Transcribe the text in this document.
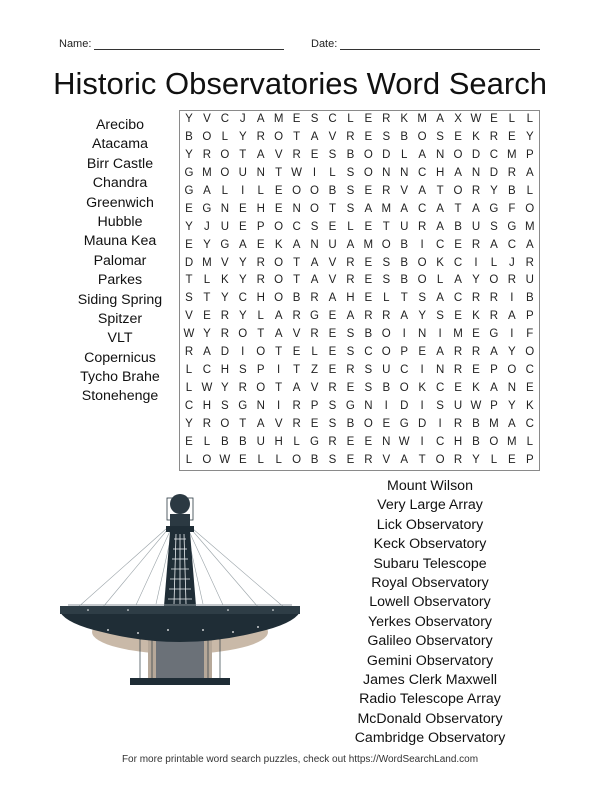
Name:	Date:
Historic Observatories Word Search
Arecibo
Atacama
Birr Castle
Chandra
Greenwich
Hubble
Mauna Kea
Palomar
Parkes
Siding Spring
Spitzer
VLT
Copernicus
Tycho Brahe
Stonehenge
Y V C J A M E S C L E R K M A X W E L	L
B O L Y R O T A V R E S B O S E K R E Y
Y R O T A V R E S B O D L A N O D C M P
G M O U N T W I	L S O N N C H A N D R A
G A L	I	L E O O B S E R V A T O R Y B L
E G N E H E N O T S A M A C A T A G F O
Y J U E P O C S E L E T U R A B U S G M
E Y G A E K A N U A M O B	I	C E R A C A
D M V Y R O T A V R E S B O K C	I	L	J R
T L K Y R O T A V R E S B O L A Y O R U
S T Y C H O B R A H E L T S A C R R	I	B
V E R Y L A R G E A R R A Y S E K R A P
W Y R O T A V R E S B O	I	N	I	M E G	I	F
R A D	I	O T E L E S C O P E A R R A Y O
L C H S P	I	T Z E R S U C	I	N R E P O C
L W Y R O T A V R E S B O K C E K A N E
C H S G N	I	R P S G N	I	D	I	S U W P Y K
Y R O T A V R E S B O E G D	I	R B M A C
E L B B U H L G R E E N W I	C H B O M L
L O W E L	L O B S E R V A T O R Y L E P
Mount Wilson
Very Large Array
Lick Observatory
Keck Observatory
Subaru Telescope
Royal Observatory
Lowell Observatory
Yerkes Observatory
Galileo Observatory
Gemini Observatory
James Clerk Maxwell
Radio Telescope Array
McDonald Observatory
Cambridge Observatory
For more printable word search puzzles, check out https://WordSearchLand.com
